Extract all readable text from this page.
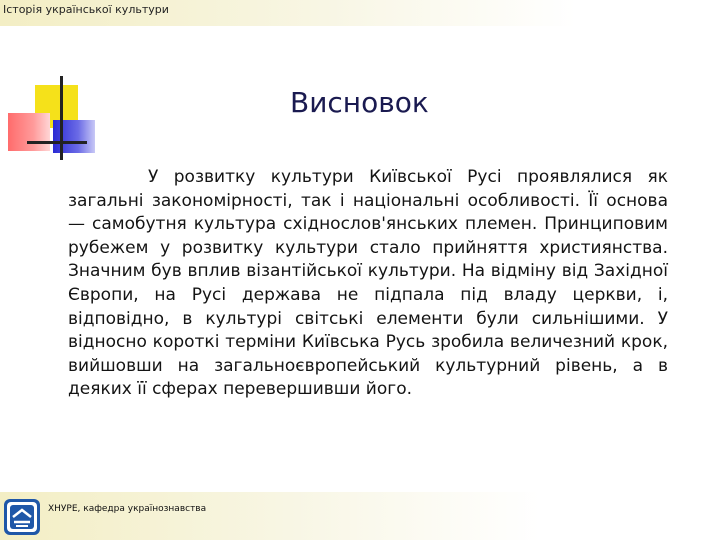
Історія української культури
Висновок
У розвитку культури Київської Русі проявлялися як загальні закономірності, так і національні особливості. Її основа — самобутня культура східнослов'янських племен. Принциповим рубежем у розвитку культури стало прийняття християнства. Значним був вплив візантійської культури. На відміну від Західної Європи, на Русі держава не підпала під владу церкви, і, відповідно, в культурі світські елементи були сильнішими. У відносно короткі терміни Київська Русь зробила величезний крок, вийшовши на загальноєвропейський культурний рівень, а в деяких її сферах перевершивши його.
ХНУРЕ, кафедра українознавства
